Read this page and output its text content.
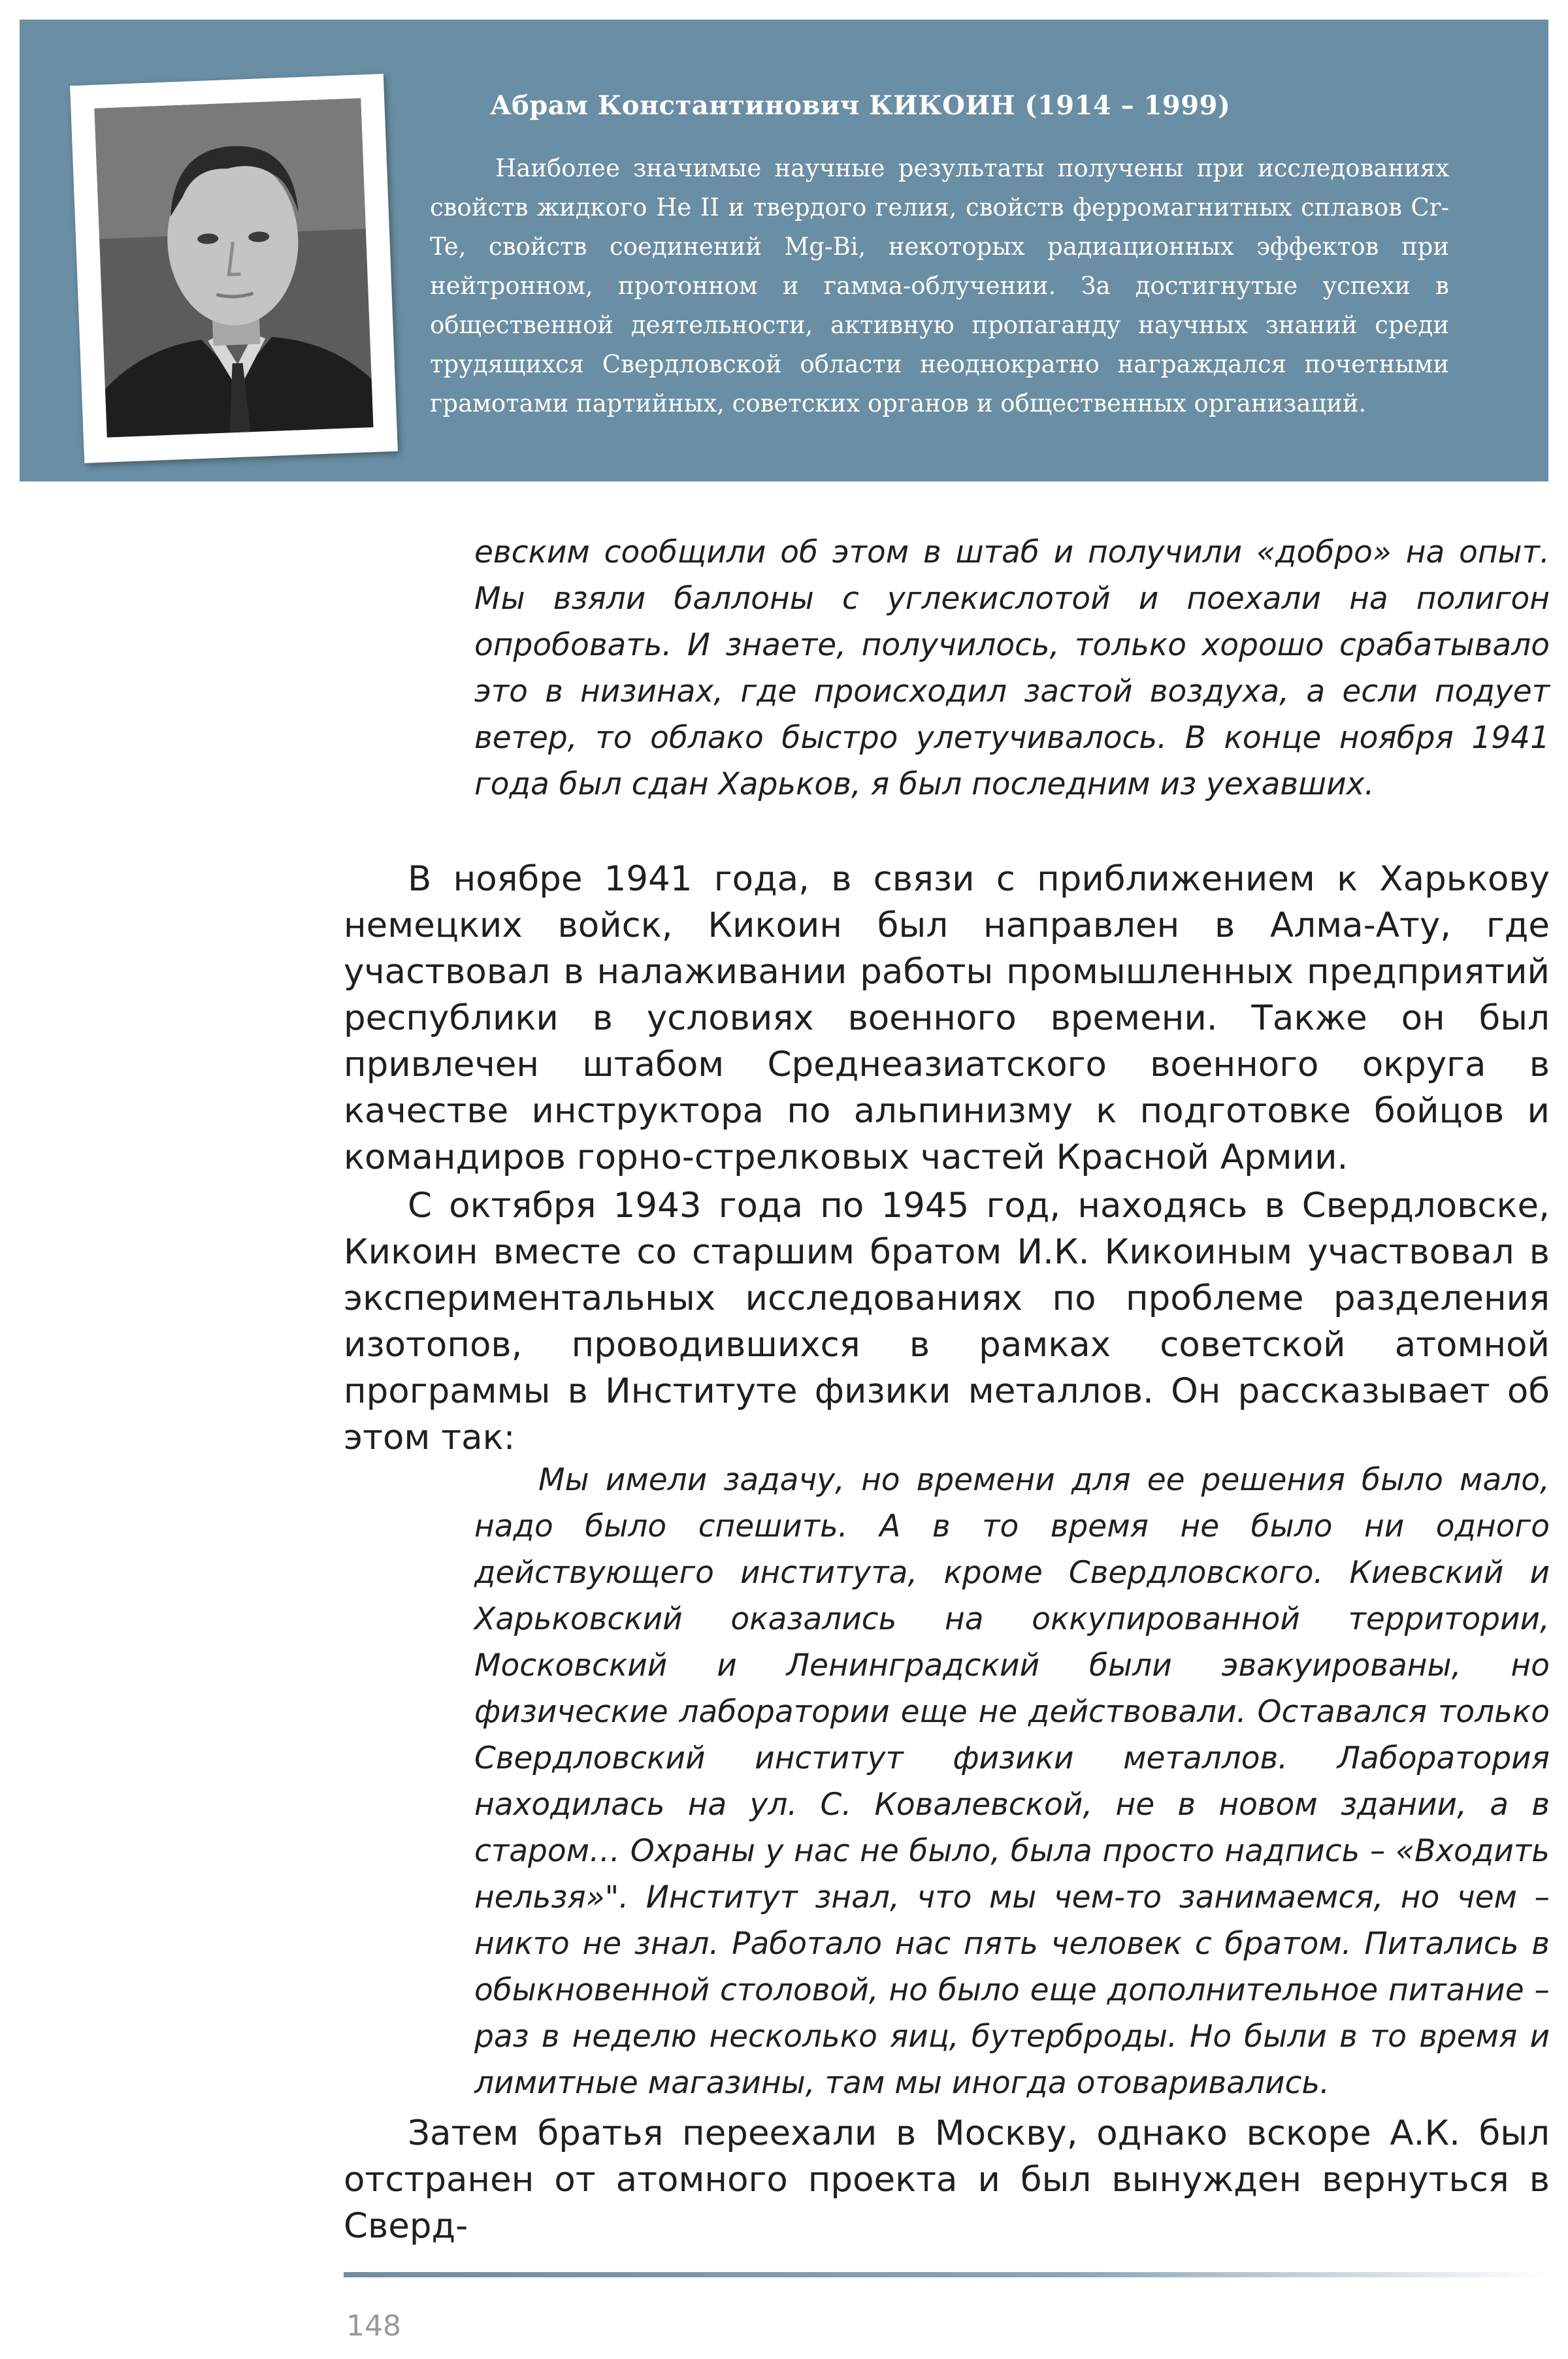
Абрам Константинович КИКОИН (1914 – 1999)

Наиболее значимые научные результаты получены при исследованиях свойств жидкого He II и твердого гелия, свойств ферромагнитных сплавов Cr-Te, свойств соединений Mg-Bi, некоторых радиационных эффектов при нейтронном, протонном и гамма-облучении. За достигнутые успехи в общественной деятельности, активную пропаганду научных знаний среди трудящихся Свердловской области неоднократно награждался почетными грамотами партийных, советских органов и общественных организаций.

евским сообщили об этом в штаб и получили «добро» на опыт. Мы взяли баллоны с углекислотой и поехали на полигон опробовать. И знаете, получилось, только хорошо срабатывало это в низинах, где происходил застой воздуха, а если подует ветер, то облако быстро улетучивалось. В конце ноября 1941 года был сдан Харьков, я был последним из уехавших.

В ноябре 1941 года, в связи с приближением к Харькову немецких войск, Кикоин был направлен в Алма-Ату, где участвовал в налаживании работы промышленных предприятий республики в условиях военного времени. Также он был привлечен штабом Среднеазиатского военного округа в качестве инструктора по альпинизму к подготовке бойцов и командиров горно-стрелковых частей Красной Армии.

С октября 1943 года по 1945 год, находясь в Свердловске, Кикоин вместе со старшим братом И.К. Кикоиным участвовал в экспериментальных исследованиях по проблеме разделения изотопов, проводившихся в рамках советской атомной программы в Институте физики металлов. Он рассказывает об этом так:

Мы имели задачу, но времени для ее решения было мало, надо было спешить. А в то время не было ни одного действующего института, кроме Свердловского. Киевский и Харьковский оказались на оккупированной территории, Московский и Ленинградский были эвакуированы, но физические лаборатории еще не действовали. Оставался только Свердловский институт физики металлов. Лаборатория находилась на ул. С. Ковалевской, не в новом здании, а в старом… Охраны у нас не было, была просто надпись – «Входить нельзя»". Институт знал, что мы чем-то занимаемся, но чем – никто не знал. Работало нас пять человек с братом. Питались в обыкновенной столовой, но было еще дополнительное питание – раз в неделю несколько яиц, бутерброды. Но были в то время и лимитные магазины, там мы иногда отоваривались.

Затем братья переехали в Москву, однако вскоре А.К. был отстранен от атомного проекта и был вынужден вернуться в Сверд-

148
